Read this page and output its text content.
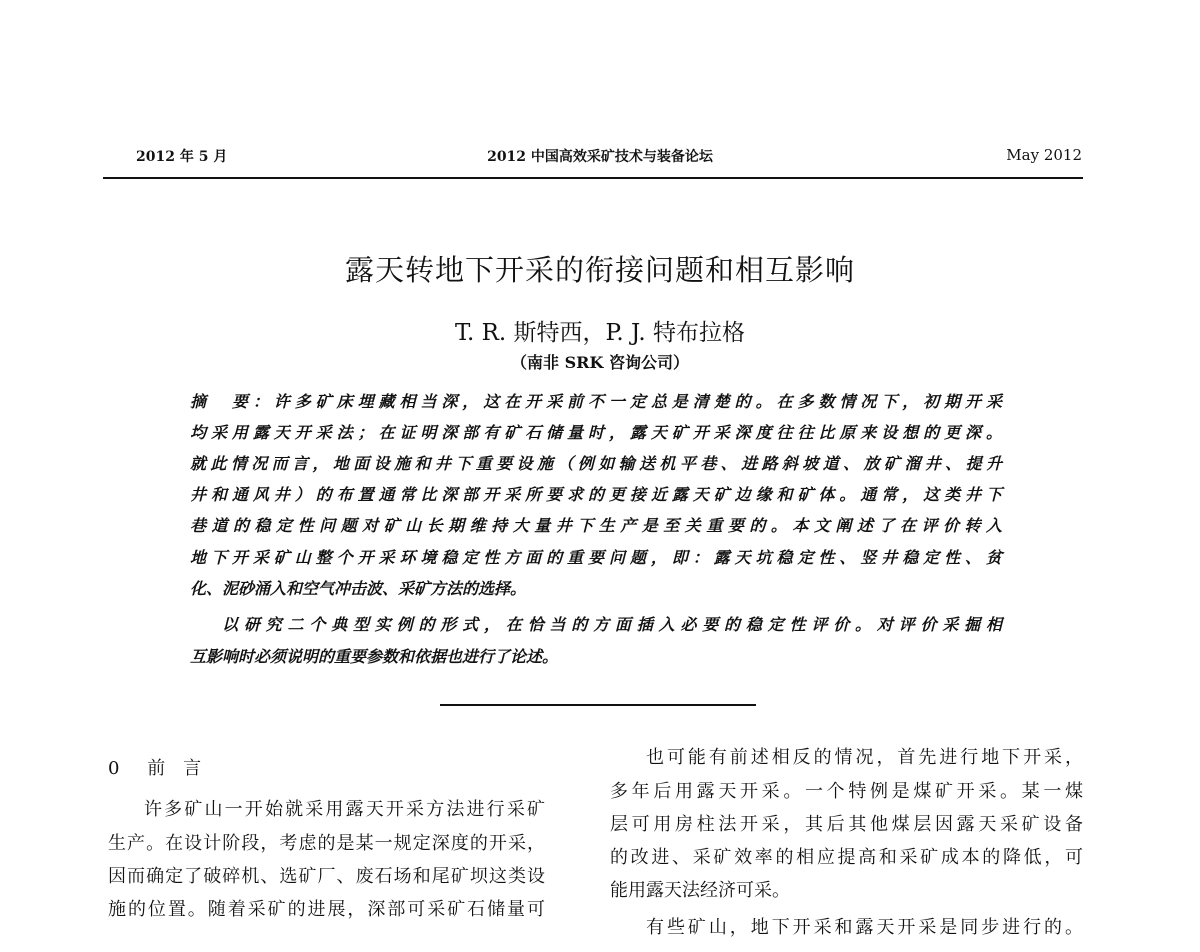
2012 年 5 月	2012 中国高效采矿技术与装备论坛	May 2012
露天转地下开采的衔接问题和相互影响
T. R. 斯特西，P. J. 特布拉格
（南非 SRK 咨询公司）
摘　要：许多矿床埋藏相当深，这在开采前不一定总是清楚的。在多数情况下，初期开采
均采用露天开采法；在证明深部有矿石储量时，露天矿开采深度往往比原来设想的更深。
就此情况而言，地面设施和井下重要设施（例如输送机平巷、进路斜坡道、放矿溜井、提升
井和通风井）的布置通常比深部开采所要求的更接近露天矿边缘和矿体。通常，这类井下
巷道的稳定性问题对矿山长期维持大量井下生产是至关重要的。本文阐述了在评价转入
地下开采矿山整个开采环境稳定性方面的重要问题，即：露天坑稳定性、竖井稳定性、贫
化、泥砂涌入和空气冲击波、采矿方法的选择。
以研究二个典型实例的形式，在恰当的方面插入必要的稳定性评价。对评价采掘相
互影响时必须说明的重要参数和依据也进行了论述。
0 前　言
许多矿山一开始就采用露天开采方法进行采矿
生产。在设计阶段，考虑的是某一规定深度的开采，
因而确定了破碎机、选矿厂、废石场和尾矿坝这类设
施的位置。随着采矿的进展，深部可采矿石储量可
也可能有前述相反的情况，首先进行地下开采，
多年后用露天开采。一个特例是煤矿开采。某一煤
层可用房柱法开采，其后其他煤层因露天采矿设备
的改进、采矿效率的相应提高和采矿成本的降低，可
能用露天法经济可采。
有些矿山，地下开采和露天开采是同步进行的。
